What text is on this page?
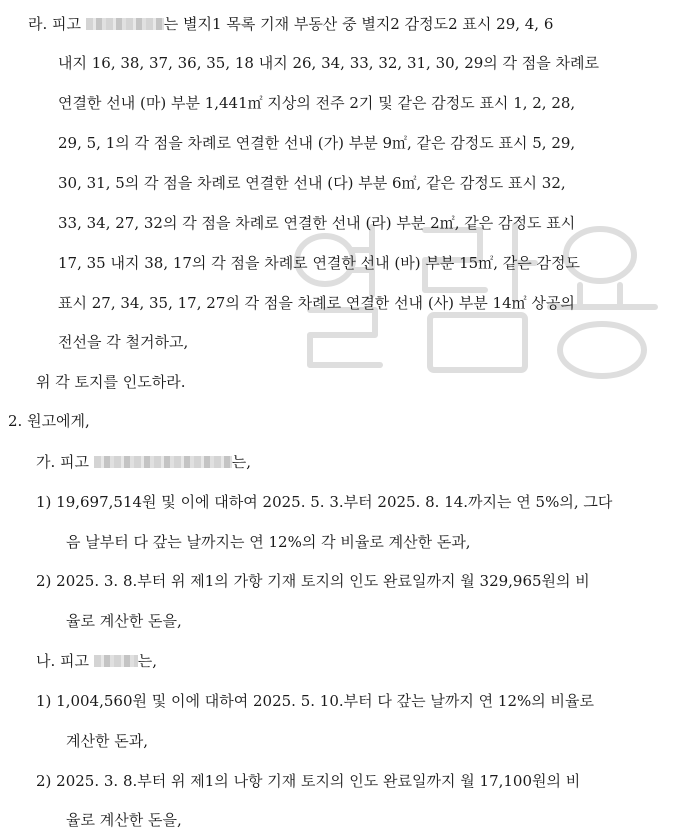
라. 피고	는 별지1 목록 기재 부동산 중 별지2 감정도2 표시 29, 4, 6
내지 16, 38, 37, 36, 35, 18 내지 26, 34, 33, 32, 31, 30, 29의 각 점을 차례로
연결한 선내 (마) 부분 1,441㎡ 지상의 전주 2기 및 같은 감정도 표시 1, 2, 28,
29, 5, 1의 각 점을 차례로 연결한 선내 (가) 부분 9㎡, 같은 감정도 표시 5, 29,
30, 31, 5의 각 점을 차례로 연결한 선내 (다) 부분 6㎡, 같은 감정도 표시 32,
33, 34, 27, 32의 각 점을 차례로 연결한 선내 (라) 부분 2㎡, 같은 감정도 표시
17, 35 내지 38, 17의 각 점을 차례로 연결한 선내 (바) 부분 15㎡, 같은 감정도
표시 27, 34, 35, 17, 27의 각 점을 차례로 연결한 선내 (사) 부분 14㎡ 상공의
전선을 각 철거하고,
위 각 토지를 인도하라.
2. 원고에게,
가. 피고	는,
1) 19,697,514원 및 이에 대하여 2025. 5. 3.부터 2025. 8. 14.까지는 연 5%의, 그다
음 날부터 다 갚는 날까지는 연 12%의 각 비율로 계산한 돈과,
2) 2025. 3. 8.부터 위 제1의 가항 기재 토지의 인도 완료일까지 월 329,965원의 비
율로 계산한 돈을,
나. 피고	는,
1) 1,004,560원 및 이에 대하여 2025. 5. 10.부터 다 갚는 날까지 연 12%의 비율로
계산한 돈과,
2) 2025. 3. 8.부터 위 제1의 나항 기재 토지의 인도 완료일까지 월 17,100원의 비
율로 계산한 돈을,
